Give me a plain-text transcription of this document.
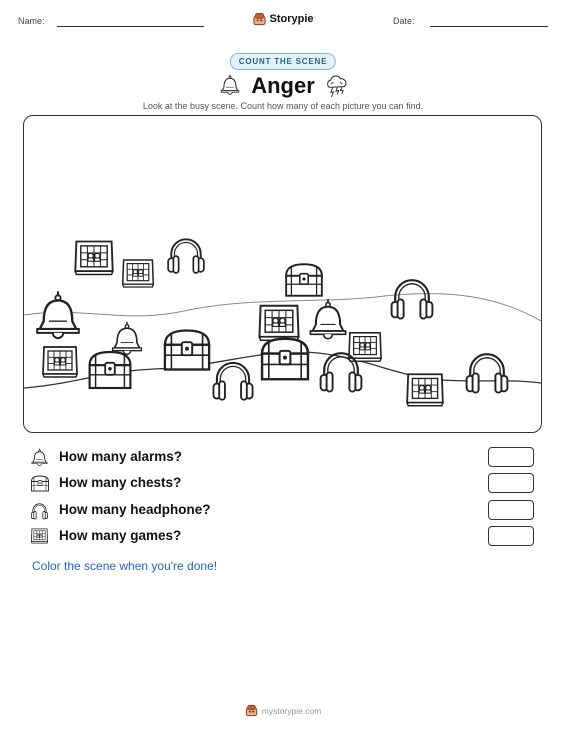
Name:	Storypie	Date:
COUNT THE SCENE
Anger
Look at the busy scene. Count how many of each picture you can find.
How many alarms?
How many chests?
How many headphone?
How many games?
Color the scene when you're done!
mystorypie.com
